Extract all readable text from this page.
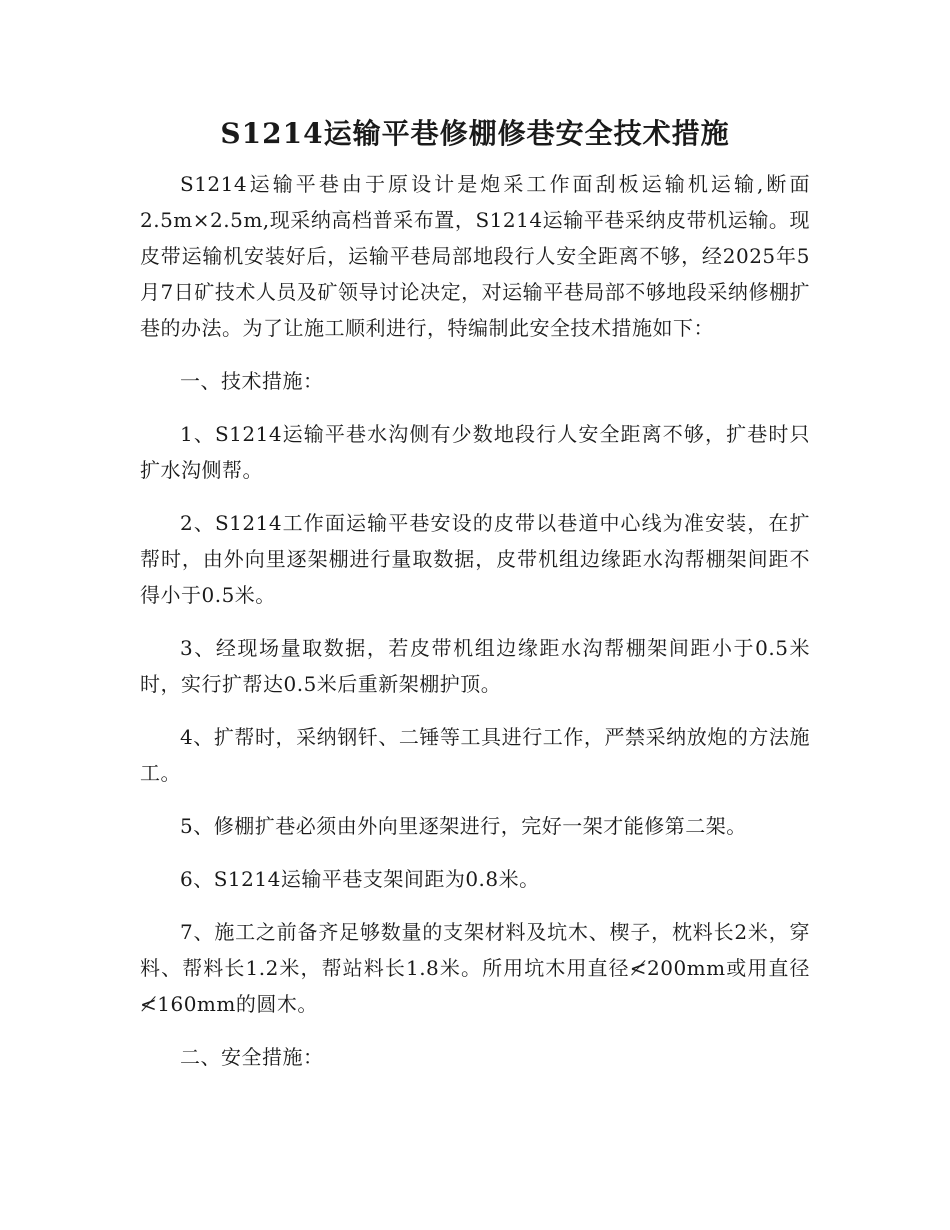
S1214运输平巷修棚修巷安全技术措施

S1214运输平巷由于原设计是炮采工作面刮板运输机运输,断面2.5m×2.5m,现采纳高档普采布置，S1214运输平巷采纳皮带机运输。现皮带运输机安装好后，运输平巷局部地段行人安全距离不够，经2025年5月7日矿技术人员及矿领导讨论决定，对运输平巷局部不够地段采纳修棚扩巷的办法。为了让施工顺利进行，特编制此安全技术措施如下：

一、技术措施：

1、S1214运输平巷水沟侧有少数地段行人安全距离不够，扩巷时只扩水沟侧帮。

2、S1214工作面运输平巷安设的皮带以巷道中心线为准安装，在扩帮时，由外向里逐架棚进行量取数据，皮带机组边缘距水沟帮棚架间距不得小于0.5米。

3、经现场量取数据，若皮带机组边缘距水沟帮棚架间距小于0.5米时，实行扩帮达0.5米后重新架棚护顶。

4、扩帮时，采纳钢钎、二锤等工具进行工作，严禁采纳放炮的方法施工。

5、修棚扩巷必须由外向里逐架进行，完好一架才能修第二架。

6、S1214运输平巷支架间距为0.8米。

7、施工之前备齐足够数量的支架材料及坑木、楔子，枕料长2米，穿料、帮料长1.2米，帮站料长1.8米。所用坑木用直径≮200mm或用直径≮160mm的圆木。

二、安全措施：
